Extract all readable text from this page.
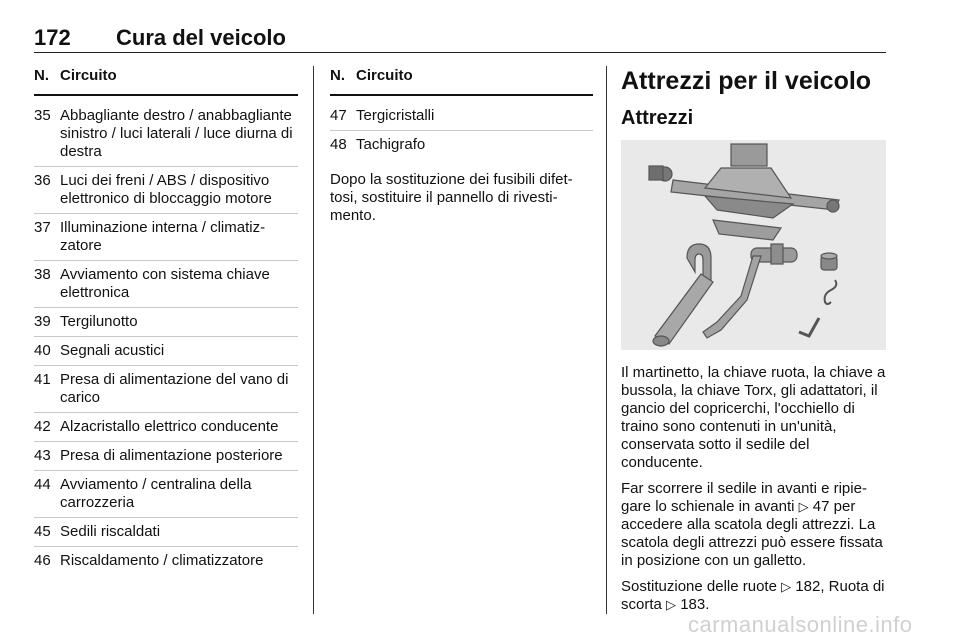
172 Cura del veicolo
N. Circuito
35 Abbagliante destro / anabbagliante sinistro / luci laterali / luce diurna di destra
36 Luci dei freni / ABS / dispositivo elettronico di bloccaggio motore
37 Illuminazione interna / climatizzatore
38 Avviamento con sistema chiave elettronica
39 Tergilunotto
40 Segnali acustici
41 Presa di alimentazione del vano di carico
42 Alzacristallo elettrico conducente
43 Presa di alimentazione posteriore
44 Avviamento / centralina della carrozzeria
45 Sedili riscaldati
46 Riscaldamento / climatizzatore
N. Circuito
47 Tergicristalli
48 Tachigrafo

Dopo la sostituzione dei fusibili difettosi, sostituire il pannello di rivestimento.

Attrezzi per il veicolo
Attrezzi

Il martinetto, la chiave ruota, la chiave a bussola, la chiave Torx, gli adattatori, il gancio del copricerchi, l'occhiello di traino sono contenuti in un'unità, conservata sotto il sedile del conducente.

Far scorrere il sedile in avanti e ripiegare lo schienale in avanti ▷ 47 per accedere alla scatola degli attrezzi. La scatola degli attrezzi può essere fissata in posizione con un galletto.

Sostituzione delle ruote ▷ 182, Ruota di scorta ▷ 183.

carmanualsonline.info
